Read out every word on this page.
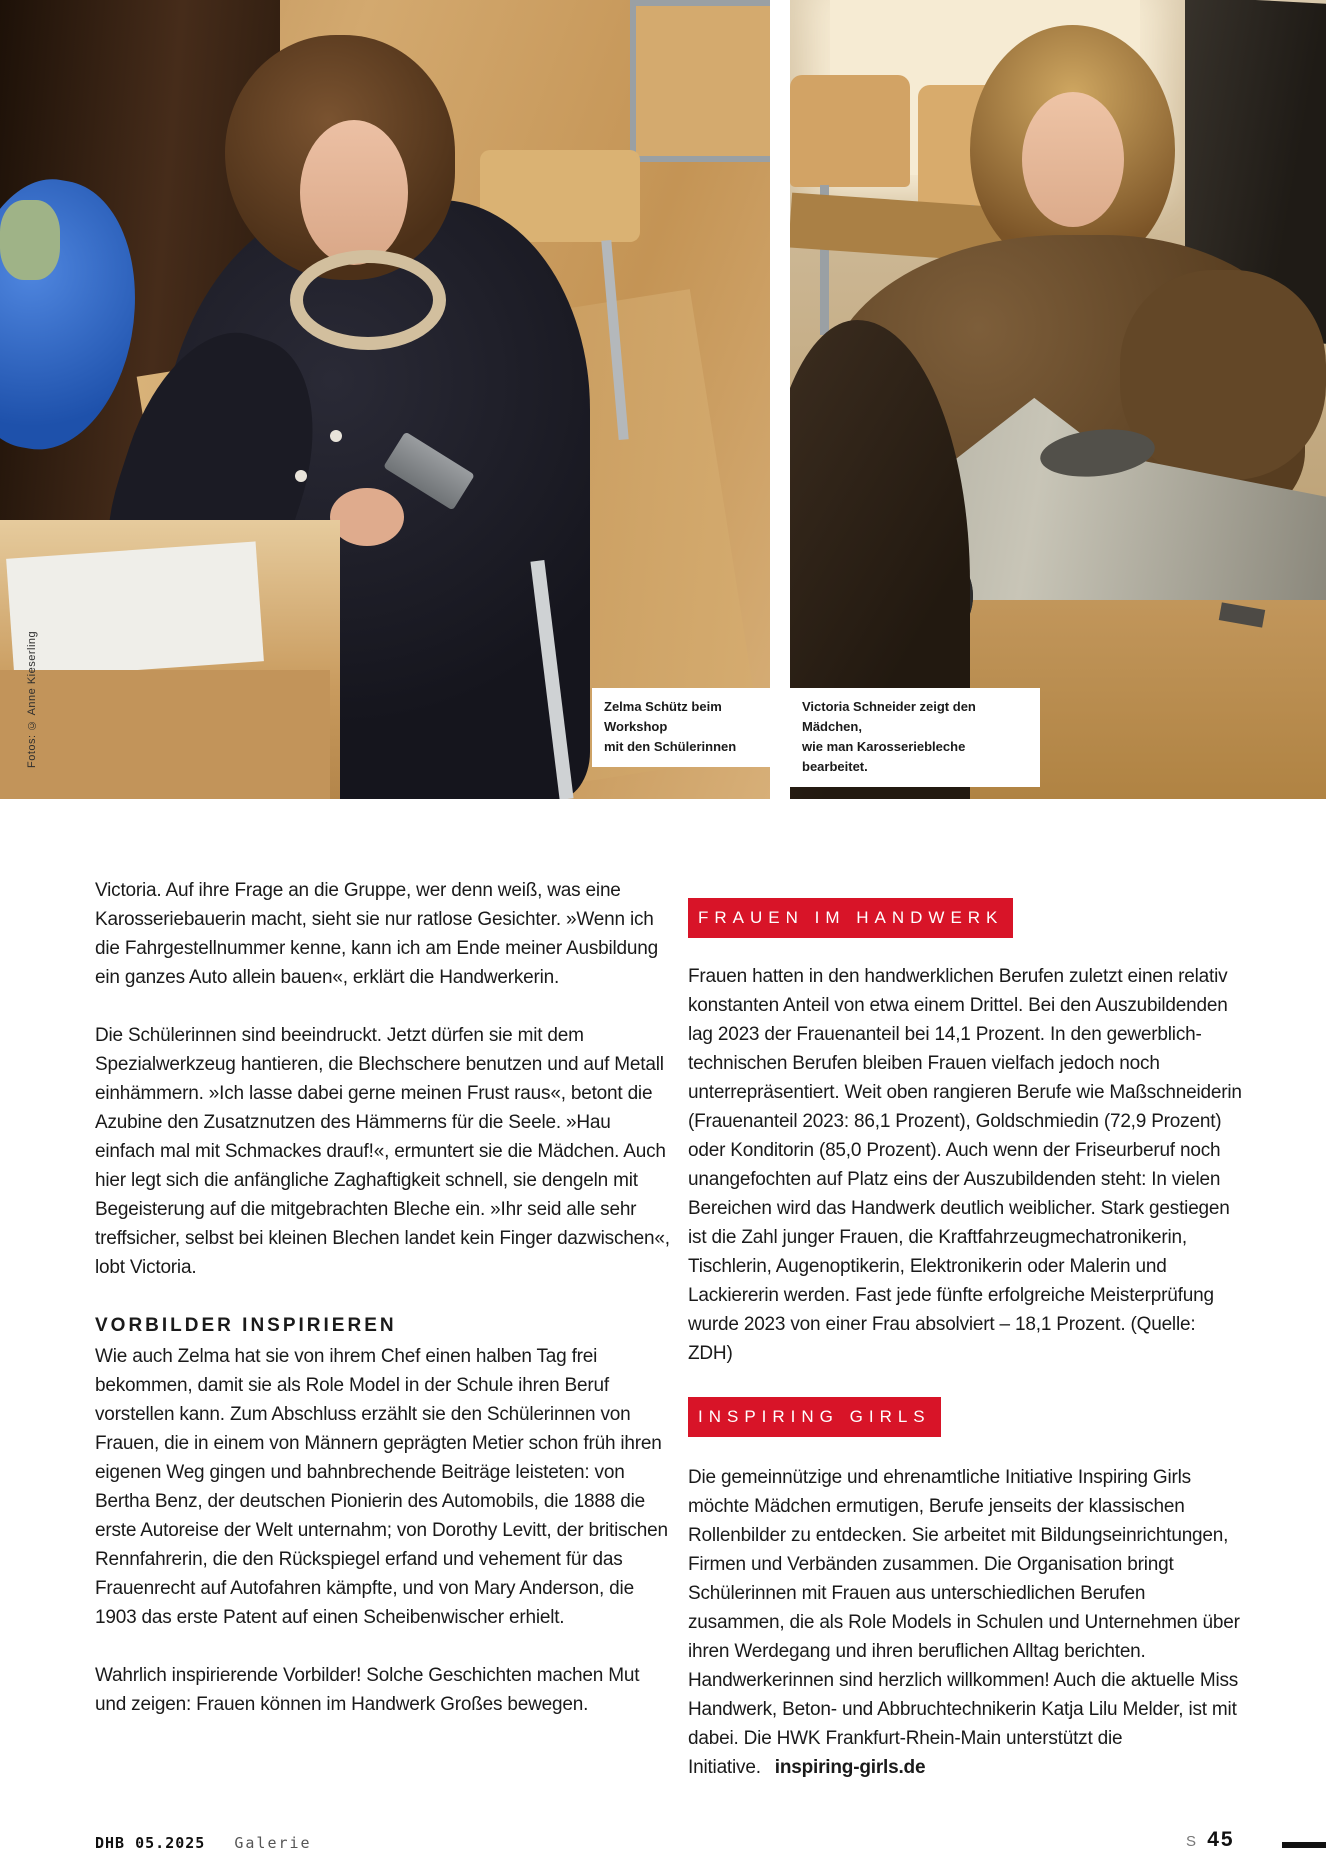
Zelma Schütz beim Workshop
mit den Schülerinnen
Victoria Schneider zeigt den Mädchen,
wie man Karosseriebleche bearbeitet.
Fotos: © Anne Kieserling

Victoria. Auf ihre Frage an die Gruppe, wer denn weiß, was eine Karosseriebauerin macht, sieht sie nur ratlose Gesichter. »Wenn ich die Fahrgestellnummer kenne, kann ich am Ende meiner Ausbildung ein ganzes Auto allein bauen«, erklärt die Handwerkerin.

Die Schülerinnen sind beeindruckt. Jetzt dürfen sie mit dem Spezialwerkzeug hantieren, die Blechschere benutzen und auf Metall einhämmern. »Ich lasse dabei gerne meinen Frust raus«, betont die Azubine den Zusatznutzen des Hämmerns für die Seele. »Hau einfach mal mit Schmackes drauf!«, ermuntert sie die Mädchen. Auch hier legt sich die anfängliche Zaghaftigkeit schnell, sie dengeln mit Begeisterung auf die mitgebrachten Bleche ein. »Ihr seid alle sehr treffsicher, selbst bei kleinen Blechen landet kein Finger dazwischen«, lobt Victoria.

VORBILDER INSPIRIEREN

Wie auch Zelma hat sie von ihrem Chef einen halben Tag frei bekommen, damit sie als Role Model in der Schule ihren Beruf vorstellen kann. Zum Abschluss erzählt sie den Schülerinnen von Frauen, die in einem von Männern geprägten Metier schon früh ihren eigenen Weg gingen und bahnbrechende Beiträge leisteten: von Bertha Benz, der deutschen Pionierin des Automobils, die 1888 die erste Autoreise der Welt unternahm; von Dorothy Levitt, der britischen Rennfahrerin, die den Rückspiegel erfand und vehement für das Frauenrecht auf Autofahren kämpfte, und von Mary Anderson, die 1903 das erste Patent auf einen Scheibenwischer erhielt.

Wahrlich inspirierende Vorbilder! Solche Geschichten machen Mut und zeigen: Frauen können im Handwerk Großes bewegen.

FRAUEN IM HANDWERK

Frauen hatten in den handwerklichen Berufen zuletzt einen relativ konstanten Anteil von etwa einem Drittel. Bei den Auszubildenden lag 2023 der Frauenanteil bei 14,1 Prozent. In den gewerblich-technischen Berufen bleiben Frauen vielfach jedoch noch unterrepräsentiert. Weit oben rangieren Berufe wie Maßschneiderin (Frauenanteil 2023: 86,1 Prozent), Goldschmiedin (72,9 Prozent) oder Konditorin (85,0 Prozent). Auch wenn der Friseurberuf noch unangefochten auf Platz eins der Auszubildenden steht: In vielen Bereichen wird das Handwerk deutlich weiblicher. Stark gestiegen ist die Zahl junger Frauen, die Kraftfahrzeugmechatronikerin, Tischlerin, Augenoptikerin, Elektronikerin oder Malerin und Lackiererin werden. Fast jede fünfte erfolgreiche Meisterprüfung wurde 2023 von einer Frau absolviert – 18,1 Prozent. (Quelle: ZDH)

INSPIRING GIRLS

Die gemeinnützige und ehrenamtliche Initiative Inspiring Girls möchte Mädchen ermutigen, Berufe jenseits der klassischen Rollenbilder zu entdecken. Sie arbeitet mit Bildungseinrichtungen, Firmen und Verbänden zusammen. Die Organisation bringt Schülerinnen mit Frauen aus unterschiedlichen Berufen zusammen, die als Role Models in Schulen und Unternehmen über ihren Werdegang und ihren beruflichen Alltag berichten. Handwerkerinnen sind herzlich willkommen! Auch die aktuelle Miss Handwerk, Beton- und Abbruchtechnikerin Katja Lilu Melder, ist mit dabei. Die HWK Frankfurt-Rhein-Main unterstützt die Initiative. inspiring-girls.de

DHB 05.2025 Galerie	S 45
